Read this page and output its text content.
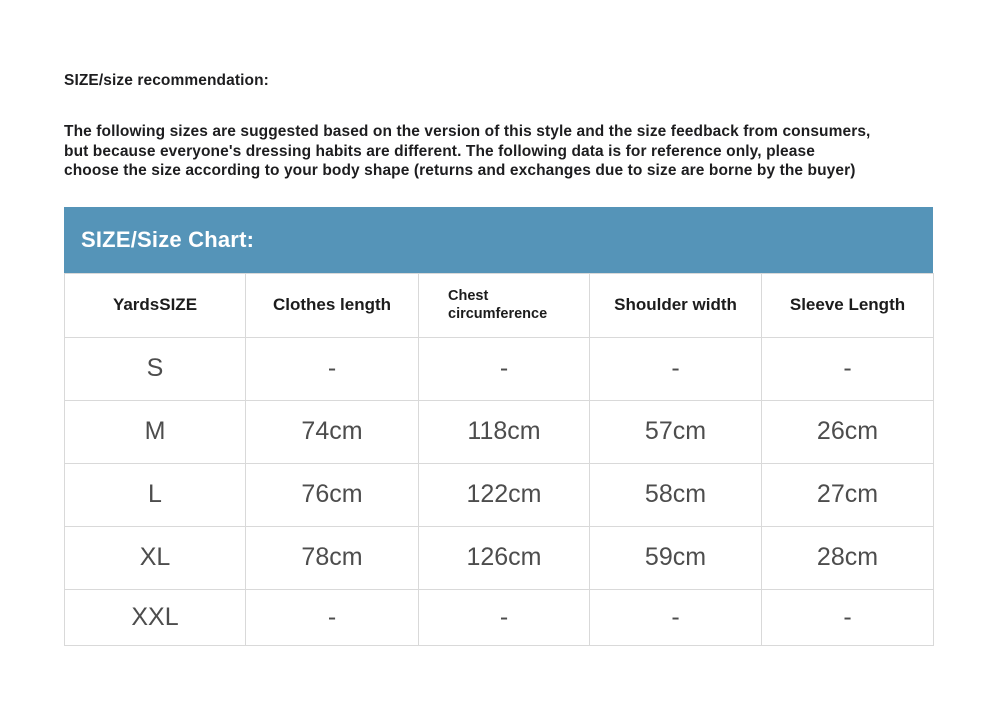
SIZE/size recommendation:
The following sizes are suggested based on the version of this style and the size feedback from consumers,
but because everyone's dressing habits are different. The following data is for reference only, please
choose the size according to your body shape (returns and exchanges due to size are borne by the buyer)
SIZE/Size Chart:
YardsSIZE	Clothes length	Chest circumference	Shoulder width	Sleeve Length
S	-	-	-	-
M	74cm	118cm	57cm	26cm
L	76cm	122cm	58cm	27cm
XL	78cm	126cm	59cm	28cm
XXL	-	-	-	-
